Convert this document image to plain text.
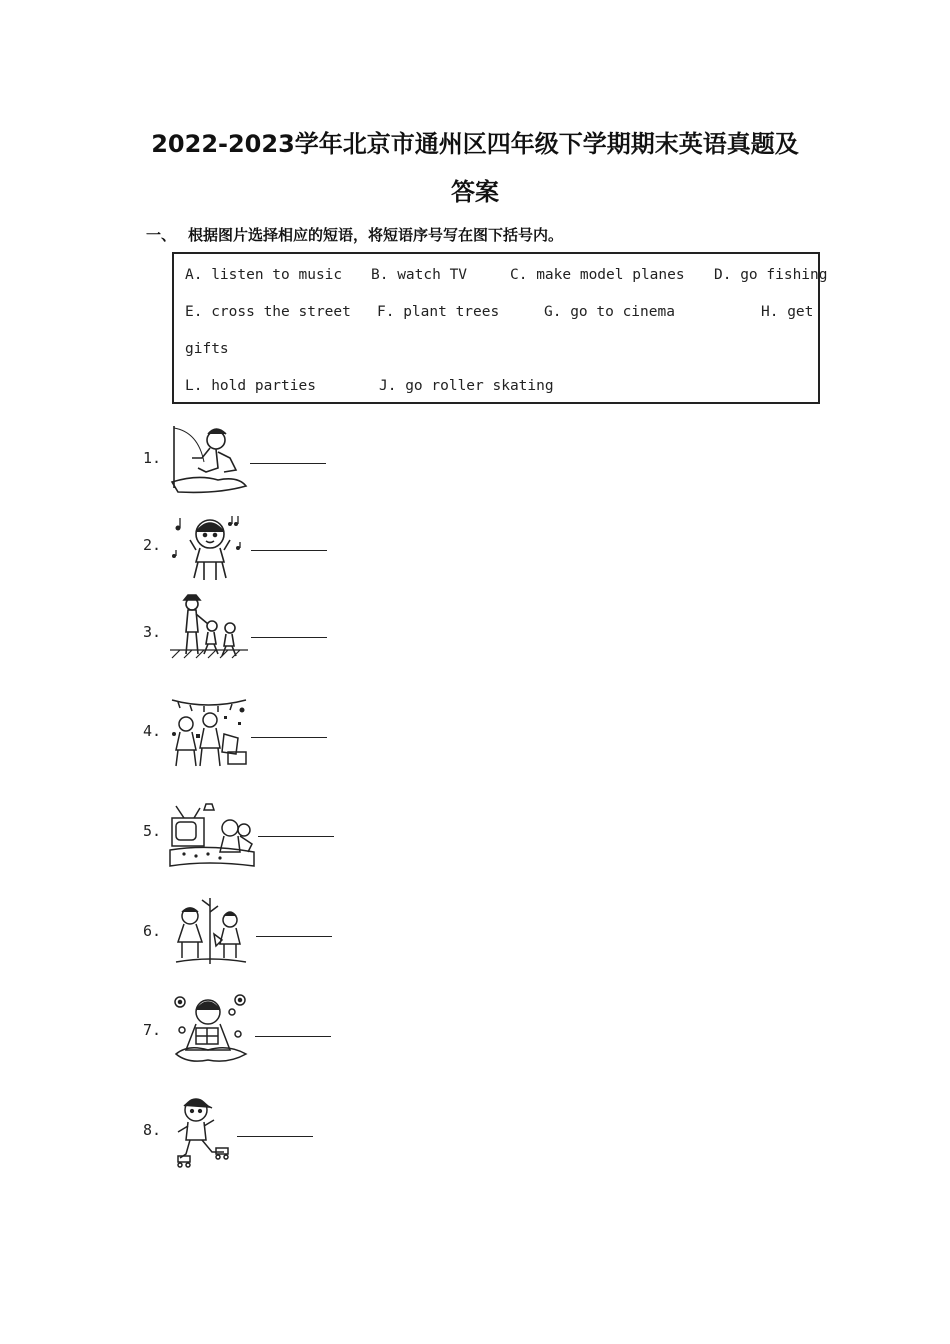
2022-2023学年北京市通州区四年级下学期期末英语真题及
答案
一、 根据图片选择相应的短语，将短语序号写在图下括号内。
A. listen to music B. watch TV	C. make model planes D. go fishing
E. cross the street F. plant trees	G. go to cinema	H. get
gifts
L. hold parties	J. go roller skating
1.
2.
3.
4.
5.
6.
7.
8.
